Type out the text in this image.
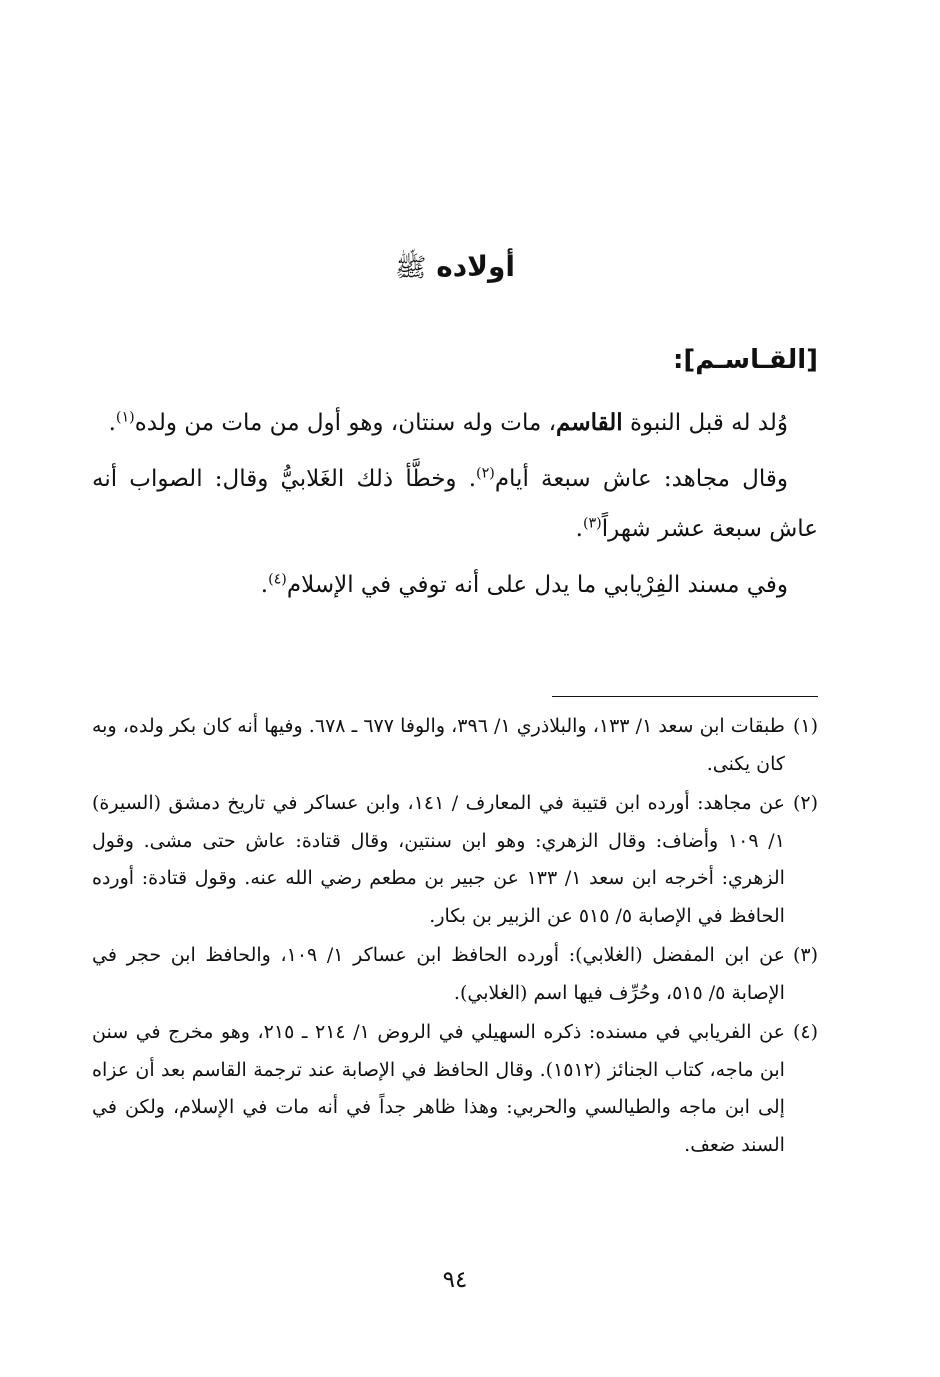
أولاده ﷺ
[القـاسـم]:

وُلد له قبل النبوة القاسم، مات وله سنتان، وهو أول من مات من ولده$^{(١)}$.

وقال مجاهد: عاش سبعة أيام$^{(٢)}$. وخطَّأ ذلك الغَلابيُّ وقال: الصواب أنه عاش سبعة عشر شهراً$^{(٣)}$.

وفي مسند الفِرْيابي ما يدل على أنه توفي في الإسلام$^{(٤)}$.

(١)
طبقات ابن سعد ١/ ١٣٣، والبلاذري ١/ ٣٩٦، والوفا ٦٧٧ ـ ٦٧٨. وفيها أنه كان بكر ولده، وبه كان يكنى.
(٢)
عن مجاهد: أورده ابن قتيبة في المعارف / ١٤١، وابن عساكر في تاريخ دمشق (السيرة) ١/ ١٠٩ وأضاف: وقال الزهري: وهو ابن سنتين، وقال قتادة: عاش حتى مشى. وقول الزهري: أخرجه ابن سعد ١/ ١٣٣ عن جبير بن مطعم رضي الله عنه. وقول قتادة: أورده الحافظ في الإصابة ٥/ ٥١٥ عن الزبير بن بكار.
(٣)
عن ابن المفضل (الغلابي): أورده الحافظ ابن عساكر ١/ ١٠٩، والحافظ ابن حجر في الإصابة ٥/ ٥١٥، وحُرِّف فيها اسم (الغلابي).
(٤)
عن الفريابي في مسنده: ذكره السهيلي في الروض ١/ ٢١٤ ـ ٢١٥، وهو مخرج في سنن ابن ماجه، كتاب الجنائز (١٥١٢). وقال الحافظ في الإصابة عند ترجمة القاسم بعد أن عزاه إلى ابن ماجه والطيالسي والحربي: وهذا ظاهر جداً في أنه مات في الإسلام، ولكن في السند ضعف.
٩٤
